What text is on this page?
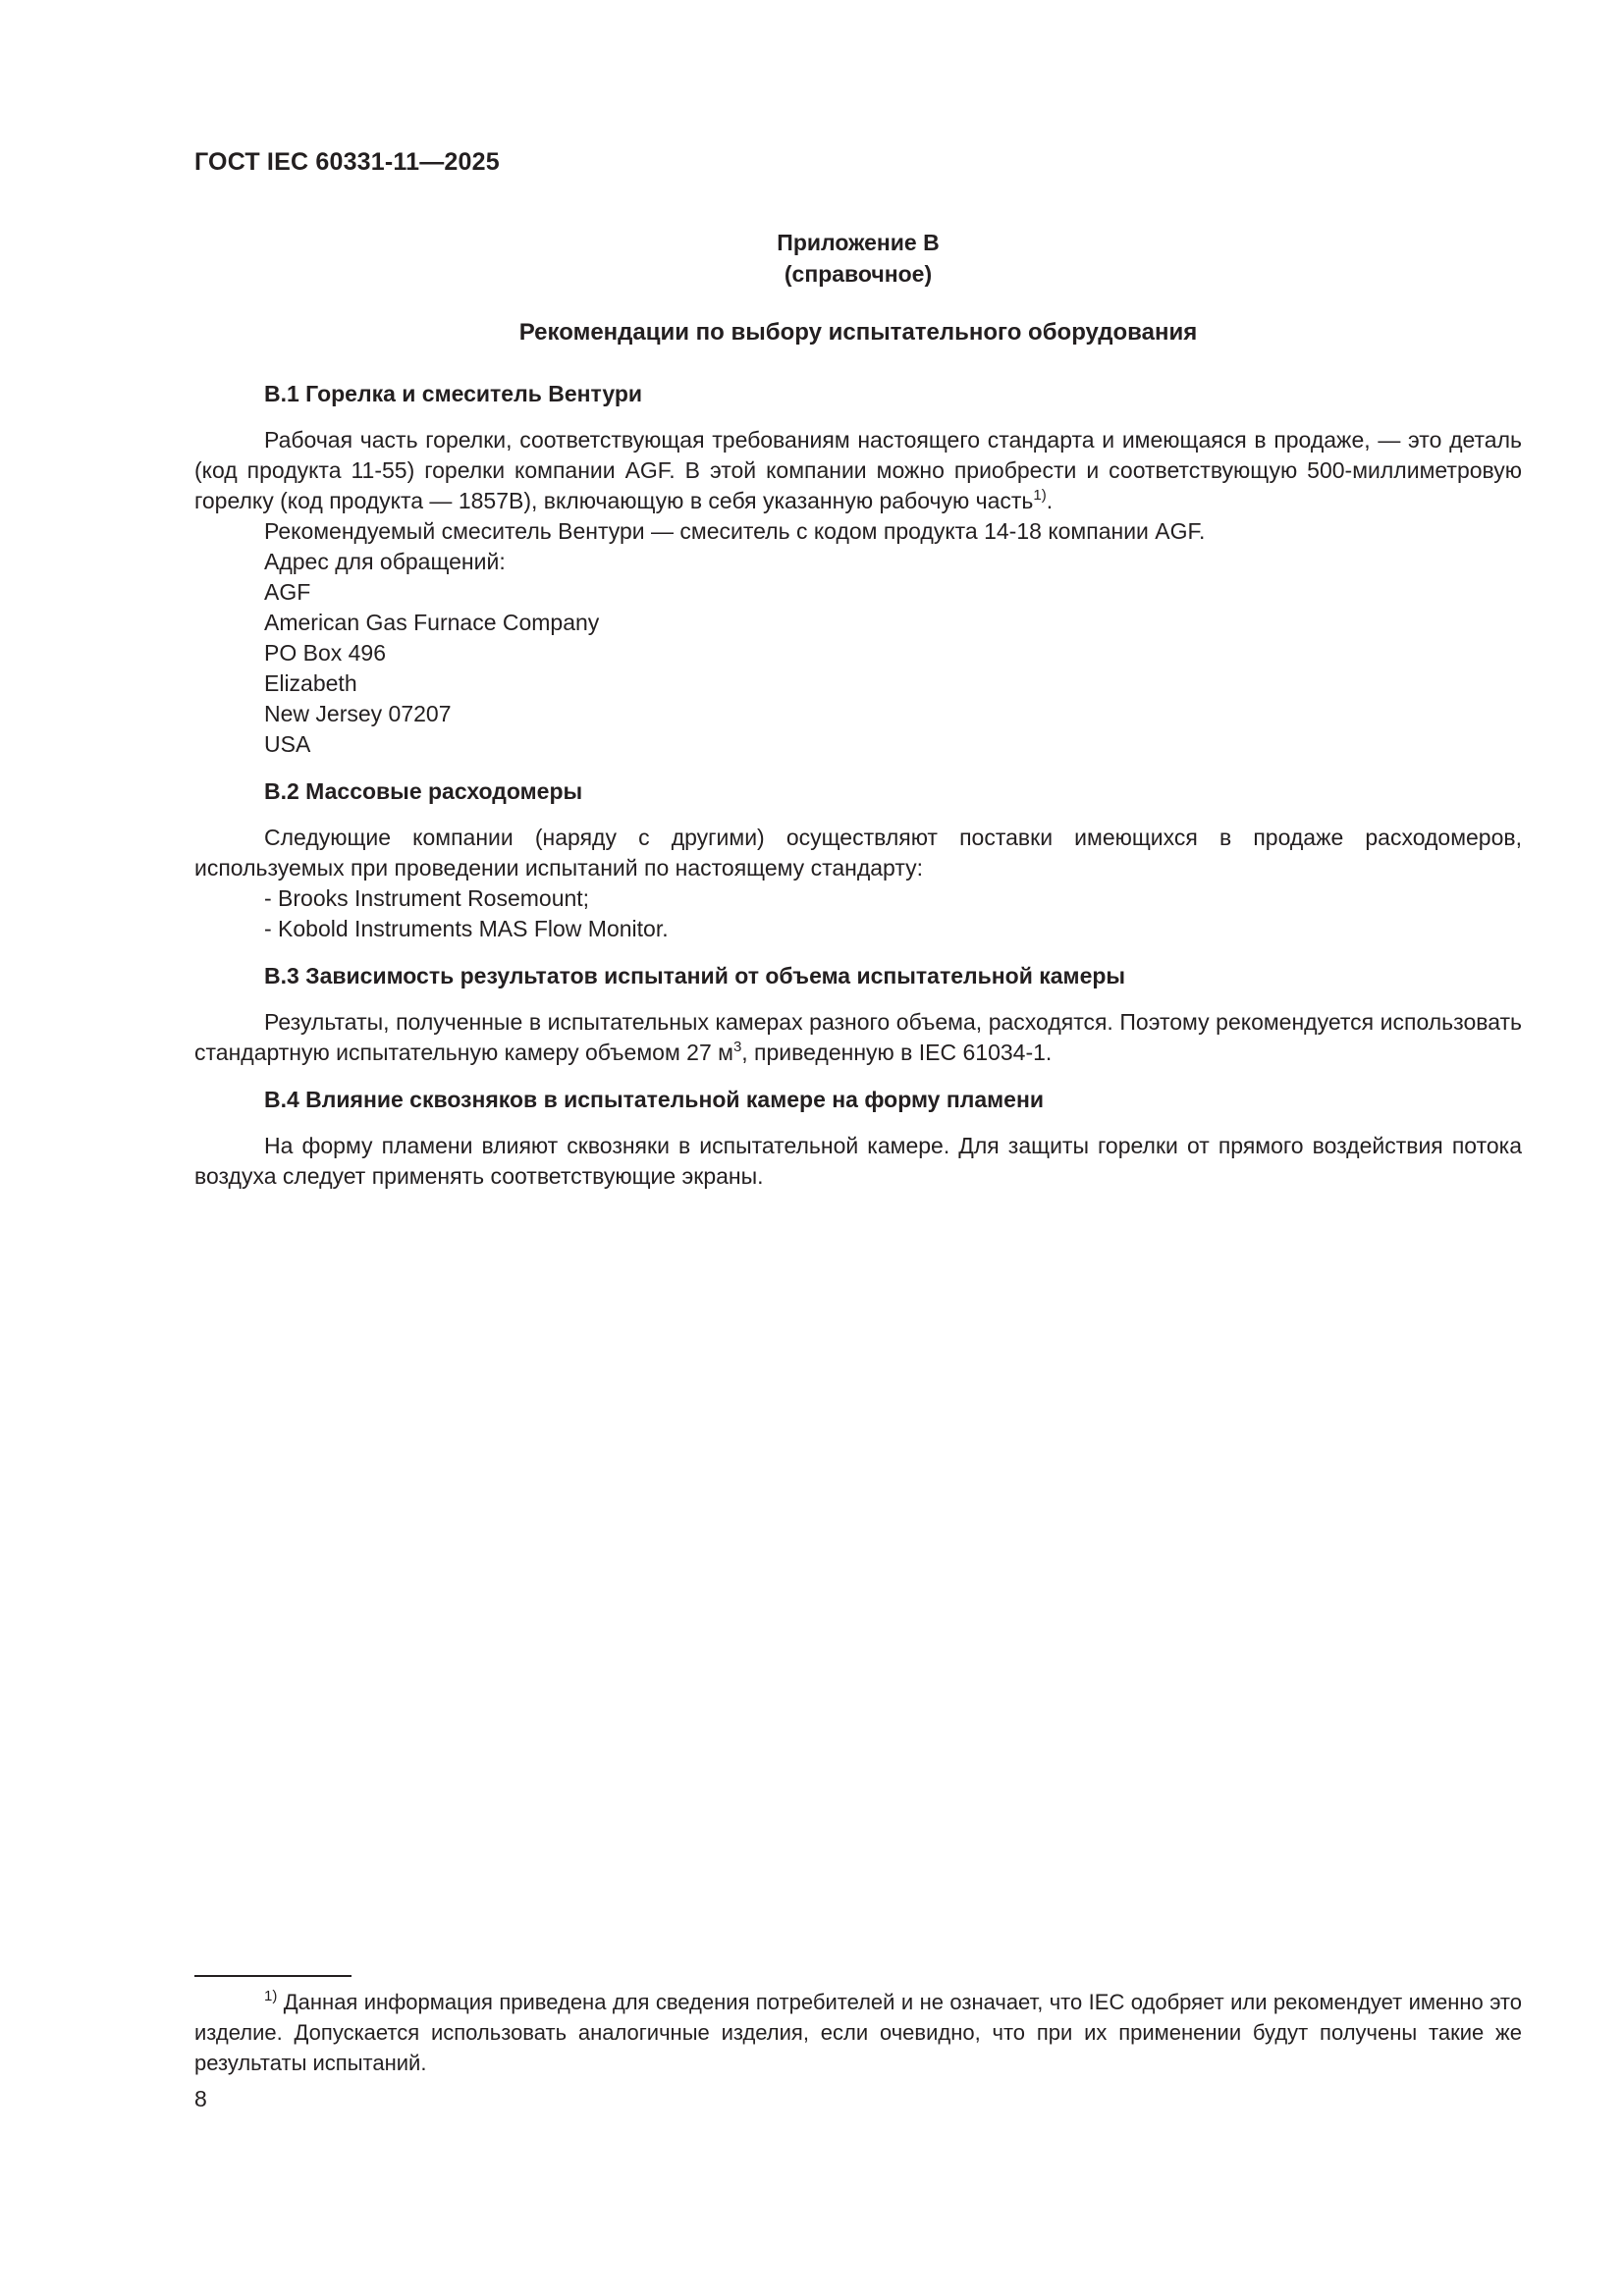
ГОСТ IEC 60331-11—2025
Приложение В
(справочное)
Рекомендации по выбору испытательного оборудования
В.1 Горелка и смеситель Вентури

Рабочая часть горелки, соответствующая требованиям настоящего стандарта и имеющаяся в продаже, — это деталь (код продукта 11-55) горелки компании AGF. В этой компании можно приобрести и соответствующую 500-миллиметровую горелку (код продукта — 1857В), включающую в себя указанную рабочую часть$^{1)}$.

Рекомендуемый смеситель Вентури — смеситель с кодом продукта 14-18 компании AGF.

Адрес для обращений:

AGF

American Gas Furnace Company

PO Box 496

Elizabeth

New Jersey 07207

USA

В.2 Массовые расходомеры

Следующие компании (наряду с другими) осуществляют поставки имеющихся в продаже расходомеров, используемых при проведении испытаний по настоящему стандарту:

- Brooks Instrument Rosemount;

- Kobold Instruments MAS Flow Monitor.

В.3 Зависимость результатов испытаний от объема испытательной камеры

Результаты, полученные в испытательных камерах разного объема, расходятся. Поэтому рекомендуется использовать стандартную испытательную камеру объемом 27 $м^3$, приведенную в IEC 61034-1.

В.4 Влияние сквозняков в испытательной камере на форму пламени

На форму пламени влияют сквозняки в испытательной камере. Для защиты горелки от прямого воздействия потока воздуха следует применять соответствующие экраны.

$^{1)}$ Данная информация приведена для сведения потребителей и не означает, что IEC одобряет или рекомендует именно это изделие. Допускается использовать аналогичные изделия, если очевидно, что при их применении будут получены такие же результаты испытаний.
8
